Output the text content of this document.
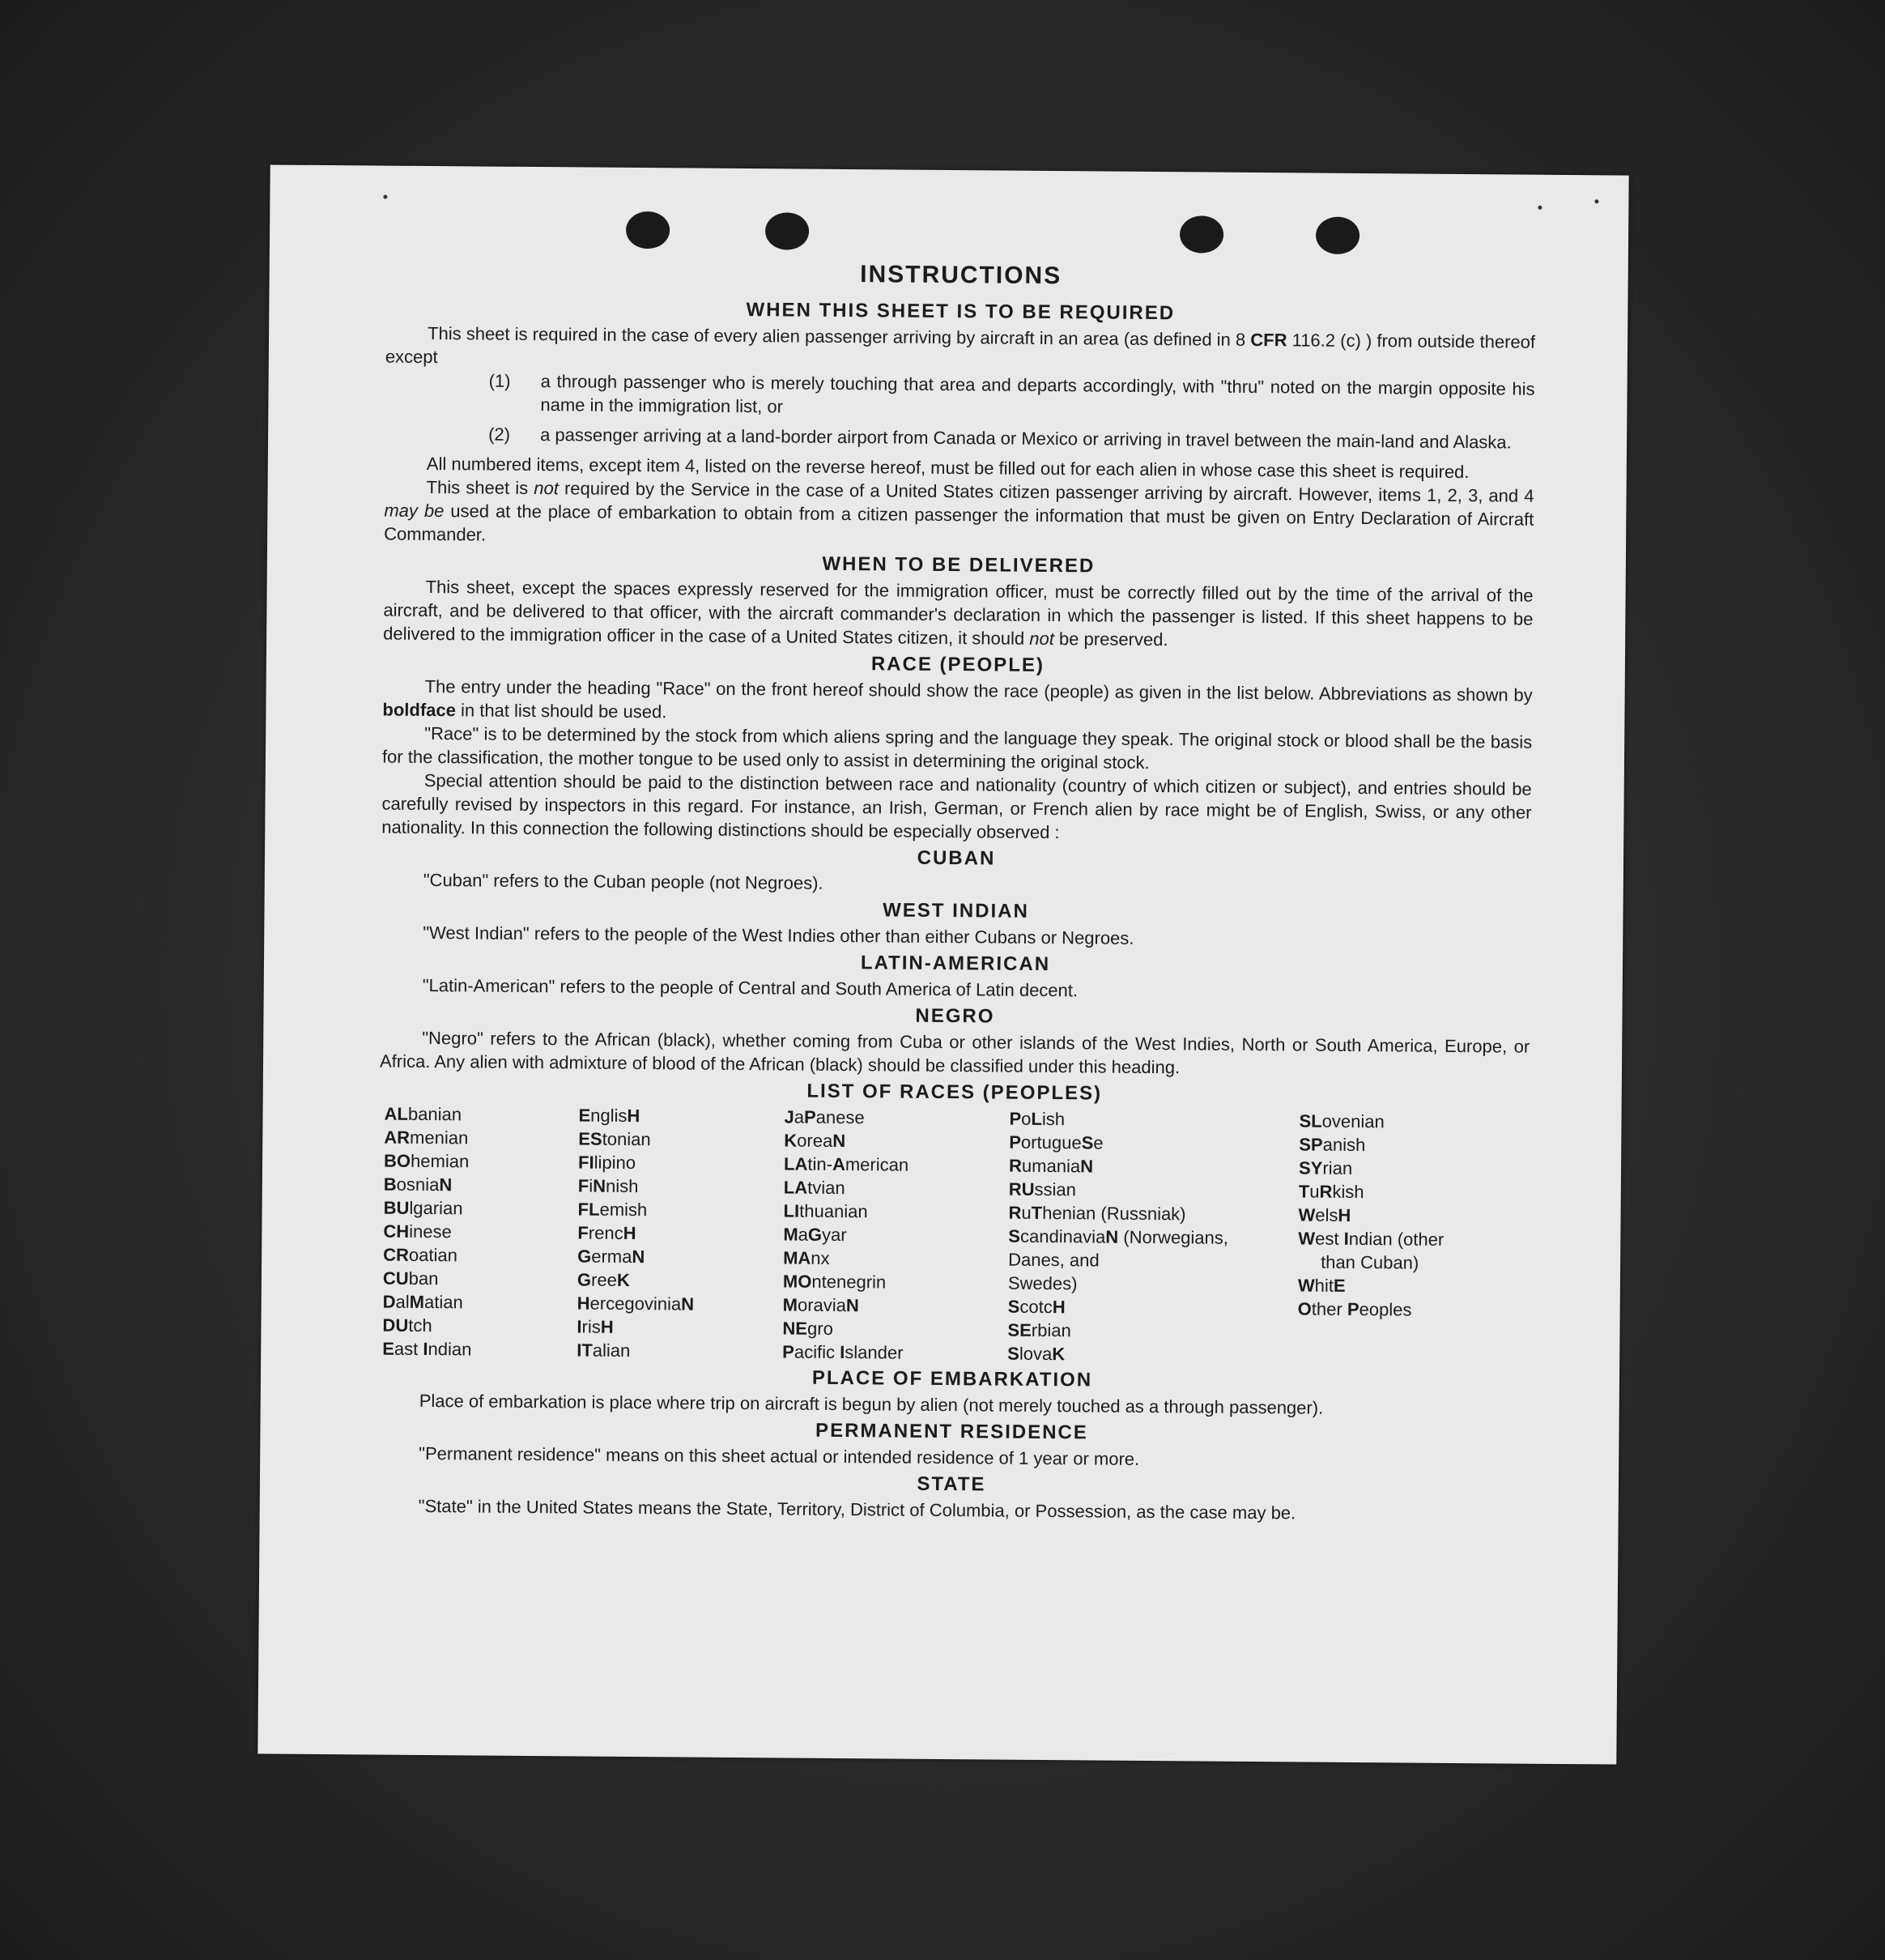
INSTRUCTIONS
WHEN THIS SHEET IS TO BE REQUIRED

This sheet is required in the case of every alien passenger arriving by aircraft in an area (as defined in 8 CFR 116.2 (c) ) from outside thereof except

(1)	a through passenger who is merely touching that area and departs accordingly, with "thru" noted on the margin opposite his name in the immigration list, or
(2)	a passenger arriving at a land-border airport from Canada or Mexico or arriving in travel between the main-land and Alaska.

All numbered items, except item 4, listed on the reverse hereof, must be filled out for each alien in whose case this sheet is required.

This sheet is not required by the Service in the case of a United States citizen passenger arriving by aircraft. However, items 1, 2, 3, and 4 may be used at the place of embarkation to obtain from a citizen passenger the information that must be given on Entry Declaration of Aircraft Commander.

WHEN TO BE DELIVERED

This sheet, except the spaces expressly reserved for the immigration officer, must be correctly filled out by the time of the arrival of the aircraft, and be delivered to that officer, with the aircraft commander's declaration in which the passenger is listed. If this sheet happens to be delivered to the immigration officer in the case of a United States citizen, it should not be preserved.

RACE (PEOPLE)

The entry under the heading "Race" on the front hereof should show the race (people) as given in the list below. Abbreviations as shown by boldface in that list should be used.

"Race" is to be determined by the stock from which aliens spring and the language they speak. The original stock or blood shall be the basis for the classification, the mother tongue to be used only to assist in determining the original stock.

Special attention should be paid to the distinction between race and nationality (country of which citizen or subject), and entries should be carefully revised by inspectors in this regard. For instance, an Irish, German, or French alien by race might be of English, Swiss, or any other nationality. In this connection the following distinctions should be especially observed :

CUBAN

"Cuban" refers to the Cuban people (not Negroes).

WEST INDIAN

"West Indian" refers to the people of the West Indies other than either Cubans or Negroes.

LATIN-AMERICAN

"Latin-American" refers to the people of Central and South America of Latin decent.

NEGRO

"Negro" refers to the African (black), whether coming from Cuba or other islands of the West Indies, North or South America, Europe, or Africa. Any alien with admixture of blood of the African (black) should be classified under this heading.

LIST OF RACES (PEOPLES)
ALbanian
ARmenian
BOhemian
BosniaN
BUlgarian
CHinese
CRoatian
CUban
DalMatian
DUtch
East Indian
EnglisH
EStonian
FIlipino
FiNnish
FLemish
FrencH
GermaN
GreeK
HercegoviniaN
IrisH
ITalian
JaPanese
KoreaN
LAtin-American
LAtvian
LIthuanian
MaGyar
MAnx
MOntenegrin
MoraviaN
NEgro
Pacific Islander
PoLish
PortugueSe
RumaniaN
RUssian
RuThenian (Russniak)
ScandinaviaN (Norwegians,
Danes, and
Swedes)
ScotcH
SErbian
SlovaK
SLovenian
SPanish
SYrian
TuRkish
WelsH
West Indian (other
than Cuban)
WhitE
Other Peoples
PLACE OF EMBARKATION

Place of embarkation is place where trip on aircraft is begun by alien (not merely touched as a through passenger).

PERMANENT RESIDENCE

"Permanent residence" means on this sheet actual or intended residence of 1 year or more.

STATE

"State" in the United States means the State, Territory, District of Columbia, or Possession, as the case may be.
